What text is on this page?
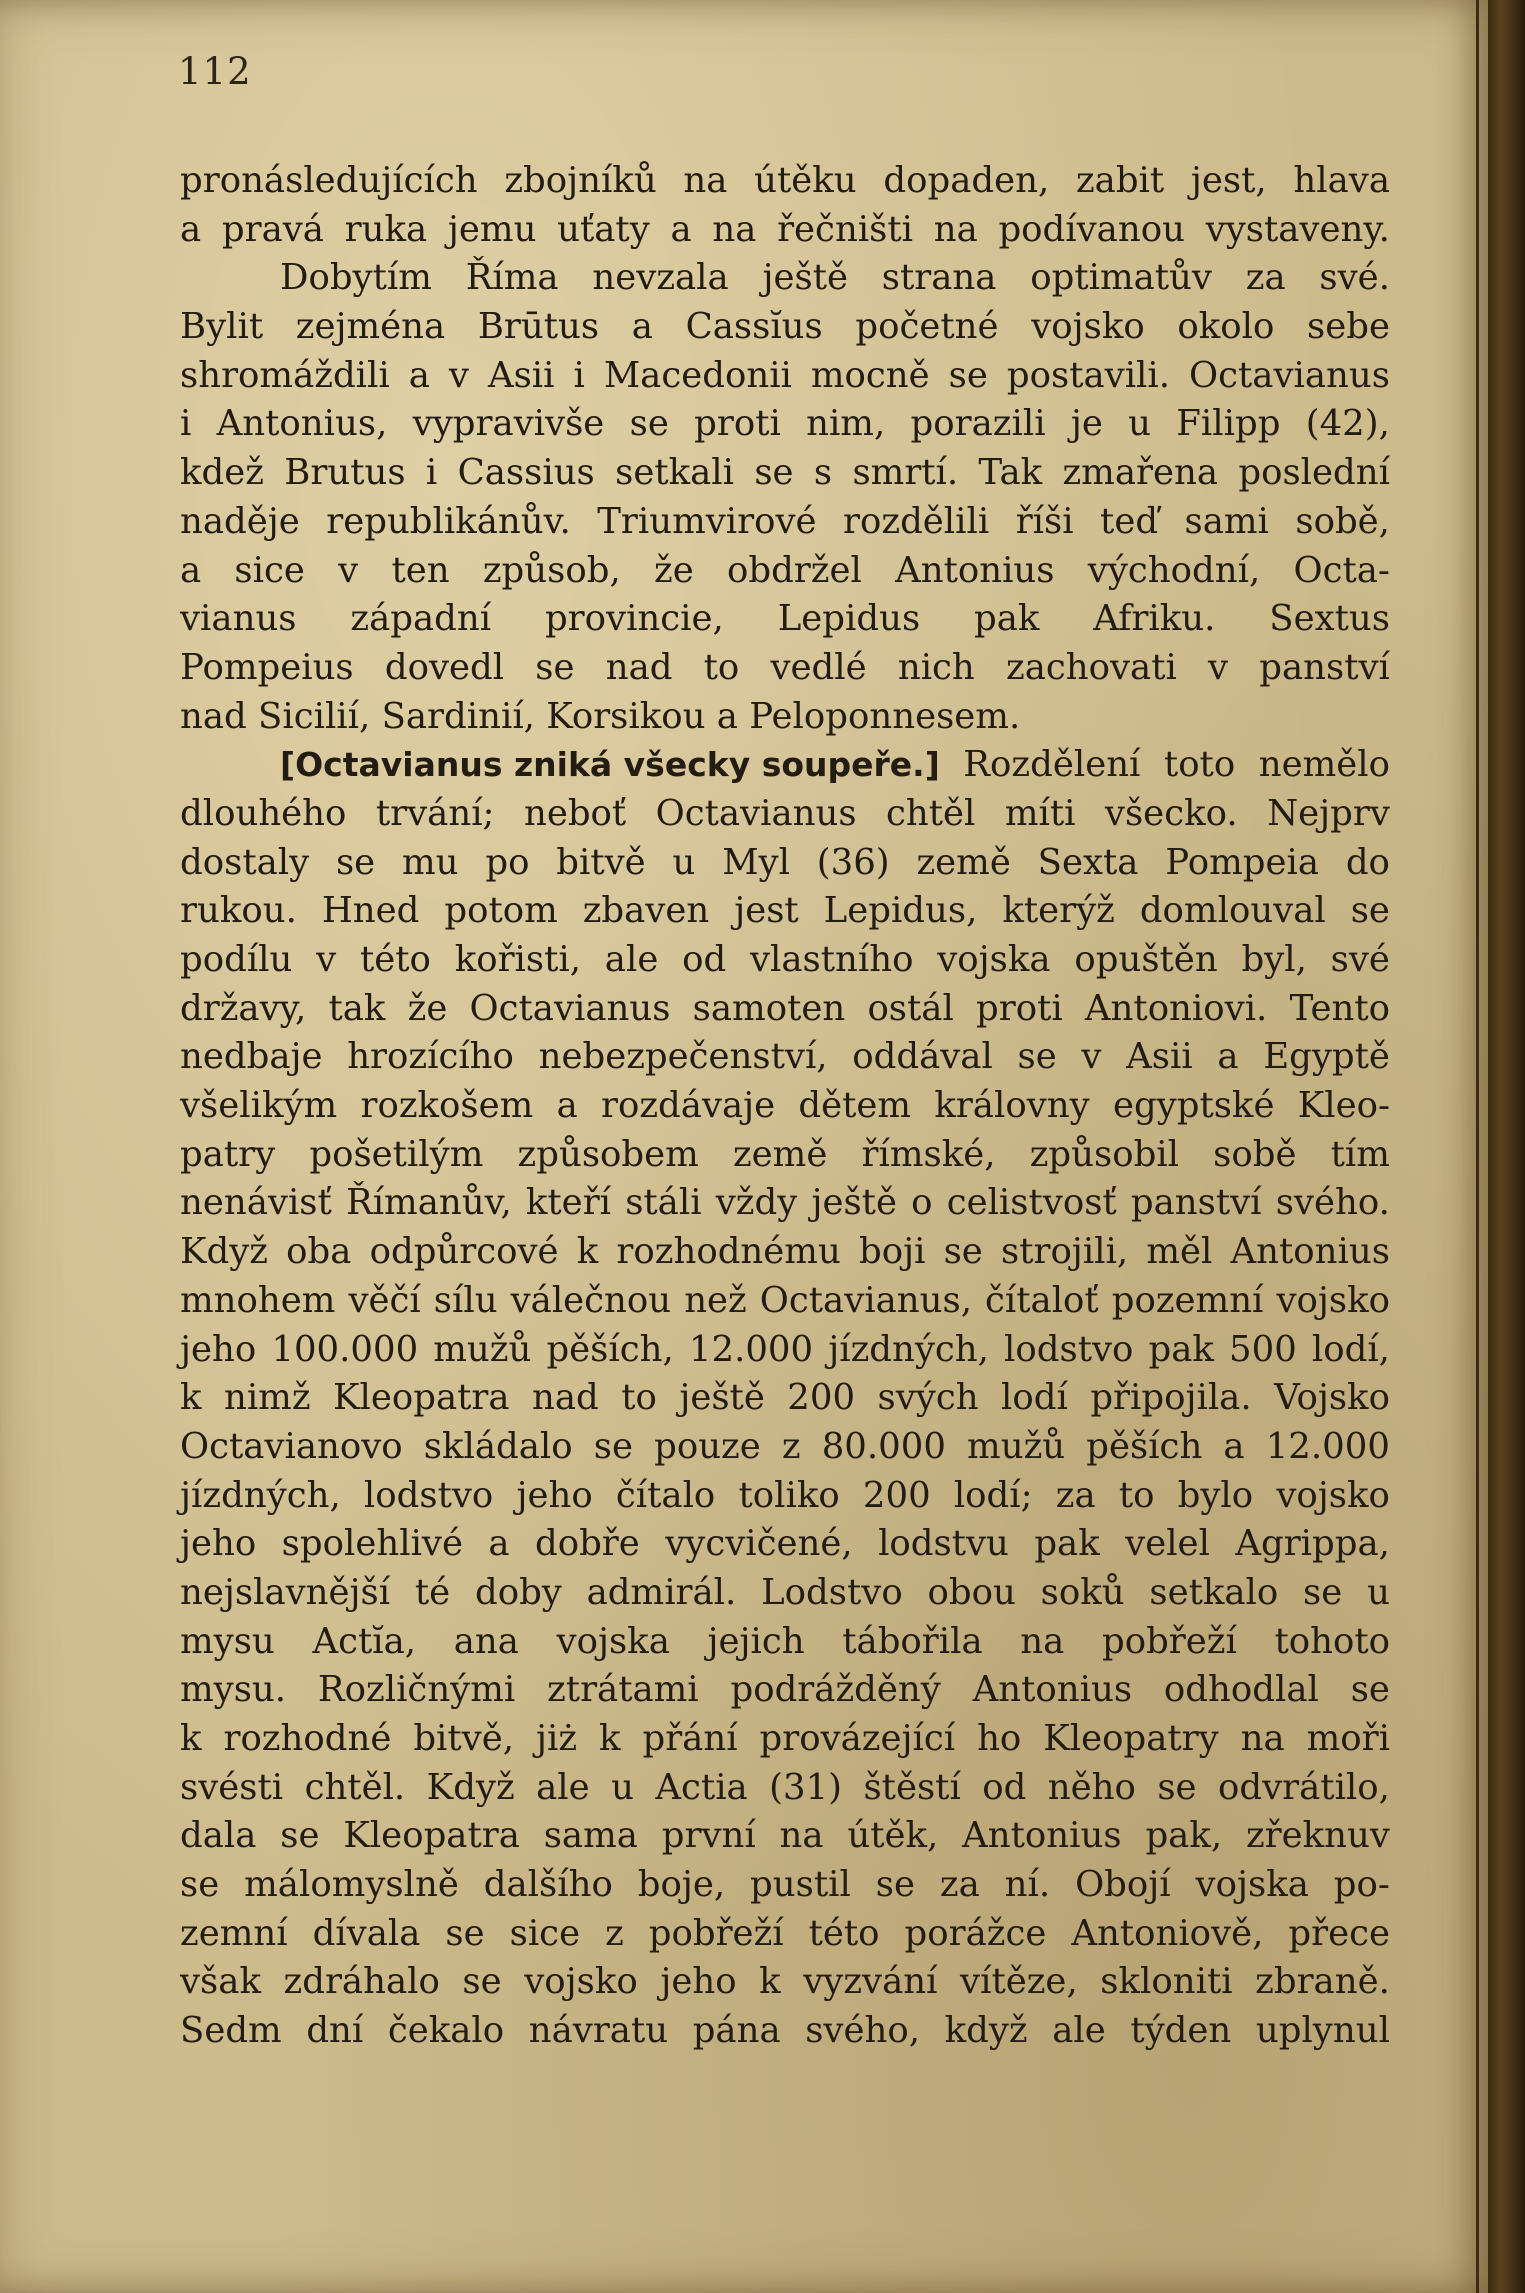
112

pronásledujících zbojníků na útěku dopaden, zabit jest, hlava
a pravá ruka jemu uťaty a na řečništi na podívanou vystaveny.
Dobytím Říma nevzala ještě strana optimatův za své.
Bylit zejména Brūtus a Cassĭus početné vojsko okolo sebe
shromáždili a v Asii i Macedonii mocně se postavili. Octavianus
i Antonius, vypravivše se proti nim, porazili je u Filipp (42),
kdež Brutus i Cassius setkali se s smrtí. Tak zmařena poslední
naděje republikánův. Triumvirové rozdělili říši teď sami sobě,
a sice v ten způsob, že obdržel Antonius východní, Octa-
vianus západní provincie, Lepidus pak Afriku. Sextus
Pompeius dovedl se nad to vedlé nich zachovati v panství
nad Sicilií, Sardinií, Korsikou a Peloponnesem.
[Octavianus zniká všecky soupeře.] Rozdělení toto nemělo
dlouhého trvání; neboť Octavianus chtěl míti všecko. Nejprv
dostaly se mu po bitvě u Myl (36) země Sexta Pompeia do
rukou. Hned potom zbaven jest Lepidus, kterýž domlouval se
podílu v této kořisti, ale od vlastního vojska opuštěn byl, své
državy, tak že Octavianus samoten ostál proti Antoniovi. Tento
nedbaje hrozícího nebezpečenství, oddával se v Asii a Egyptě
všelikým rozkošem a rozdávaje dětem královny egyptské Kleo-
patry pošetilým způsobem země římské, způsobil sobě tím
nenávisť Římanův, kteří stáli vždy ještě o celistvosť panství svého.
Když oba odpůrcové k rozhodnému boji se strojili, měl Antonius
mnohem věčí sílu válečnou než Octavianus, čítaloť pozemní vojsko
jeho 100.000 mužů pěších, 12.000 jízdných, lodstvo pak 500 lodí,
k nimž Kleopatra nad to ještě 200 svých lodí připojila. Vojsko
Octavianovo skládalo se pouze z 80.000 mužů pěších a 12.000
jízdných, lodstvo jeho čítalo toliko 200 lodí; za to bylo vojsko
jeho spolehlivé a dobře vycvičené, lodstvu pak velel Agrippa,
nejslavnější té doby admirál. Lodstvo obou soků setkalo se u
mysu Actĭa, ana vojska jejich tábořila na pobřeží tohoto
mysu. Rozličnými ztrátami podrážděný Antonius odhodlal se
k rozhodné bitvě, jiż k přání provázející ho Kleopatry na moři
svésti chtěl. Když ale u Actia (31) štěstí od něho se odvrátilo,
dala se Kleopatra sama první na útěk, Antonius pak, zřeknuv
se málomyslně dalšího boje, pustil se za ní. Obojí vojska po-
zemní dívala se sice z pobřeží této porážce Antoniově, přece
však zdráhalo se vojsko jeho k vyzvání vítěze, skloniti zbraně.
Sedm dní čekalo návratu pána svého, když ale týden uplynul
